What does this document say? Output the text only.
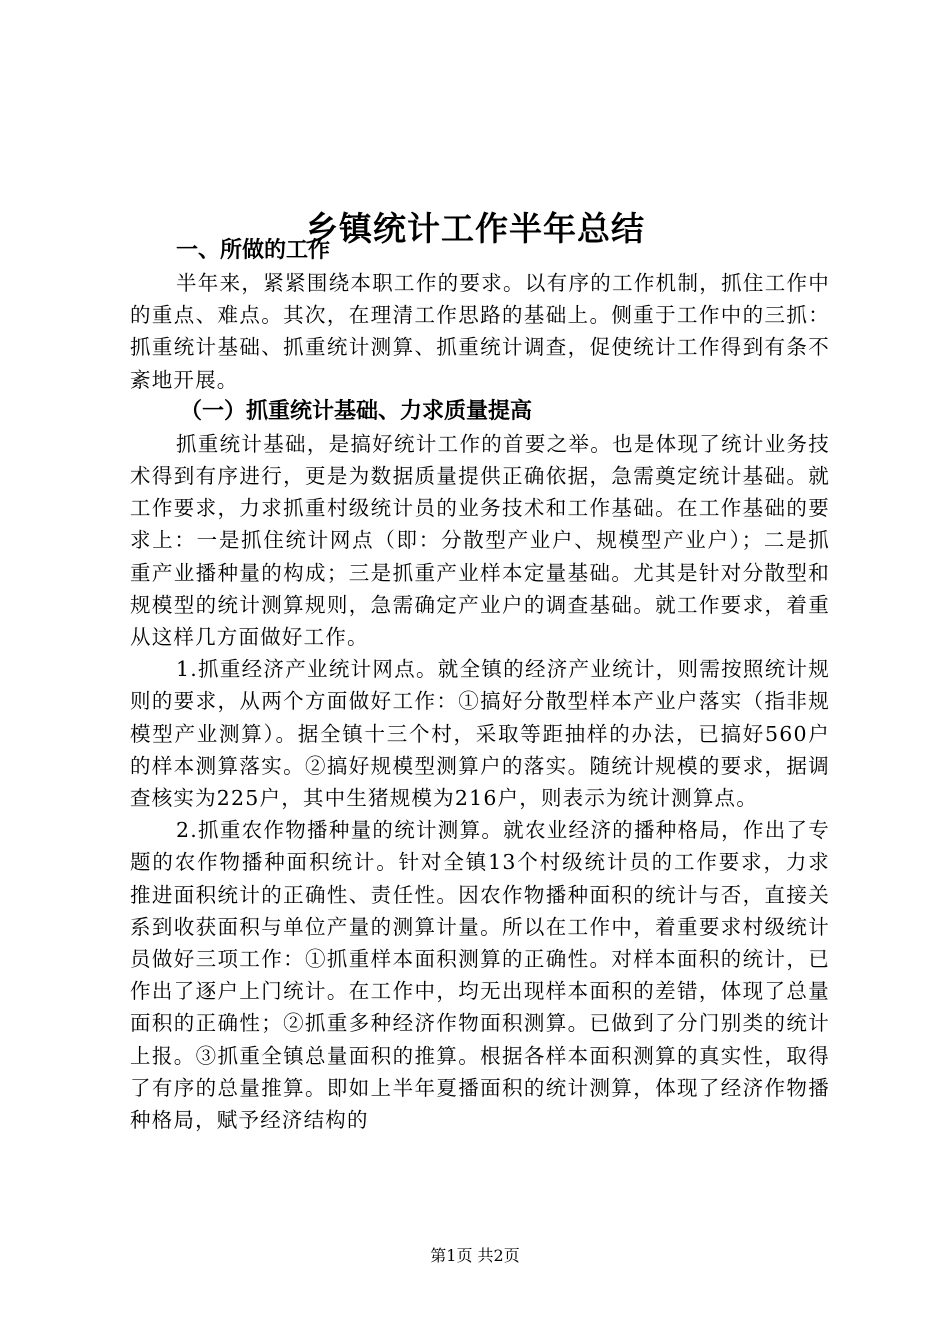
乡镇统计工作半年总结
一、所做的工作

半年来，紧紧围绕本职工作的要求。以有序的工作机制，抓住工作中的重点、难点。其次，在理清工作思路的基础上。侧重于工作中的三抓：抓重统计基础、抓重统计测算、抓重统计调查，促使统计工作得到有条不紊地开展。

（一）抓重统计基础、力求质量提高

抓重统计基础，是搞好统计工作的首要之举。也是体现了统计业务技术得到有序进行，更是为数据质量提供正确依据，急需奠定统计基础。就工作要求，力求抓重村级统计员的业务技术和工作基础。在工作基础的要求上：一是抓住统计网点（即：分散型产业户、规模型产业户）；二是抓重产业播种量的构成；三是抓重产业样本定量基础。尤其是针对分散型和规模型的统计测算规则，急需确定产业户的调查基础。就工作要求，着重从这样几方面做好工作。

1.抓重经济产业统计网点。就全镇的经济产业统计，则需按照统计规则的要求，从两个方面做好工作：①搞好分散型样本产业户落实（指非规模型产业测算）。据全镇十三个村，采取等距抽样的办法，已搞好560户的样本测算落实。②搞好规模型测算户的落实。随统计规模的要求，据调查核实为225户，其中生猪规模为216户，则表示为统计测算点。

2.抓重农作物播种量的统计测算。就农业经济的播种格局，作出了专题的农作物播种面积统计。针对全镇13个村级统计员的工作要求，力求推进面积统计的正确性、责任性。因农作物播种面积的统计与否，直接关系到收获面积与单位产量的测算计量。所以在工作中，着重要求村级统计员做好三项工作：①抓重样本面积测算的正确性。对样本面积的统计，已作出了逐户上门统计。在工作中，均无出现样本面积的差错，体现了总量面积的正确性；②抓重多种经济作物面积测算。已做到了分门别类的统计上报。③抓重全镇总量面积的推算。根据各样本面积测算的真实性，取得了有序的总量推算。即如上半年夏播面积的统计测算，体现了经济作物播种格局，赋予经济结构的

第1页 共2页
